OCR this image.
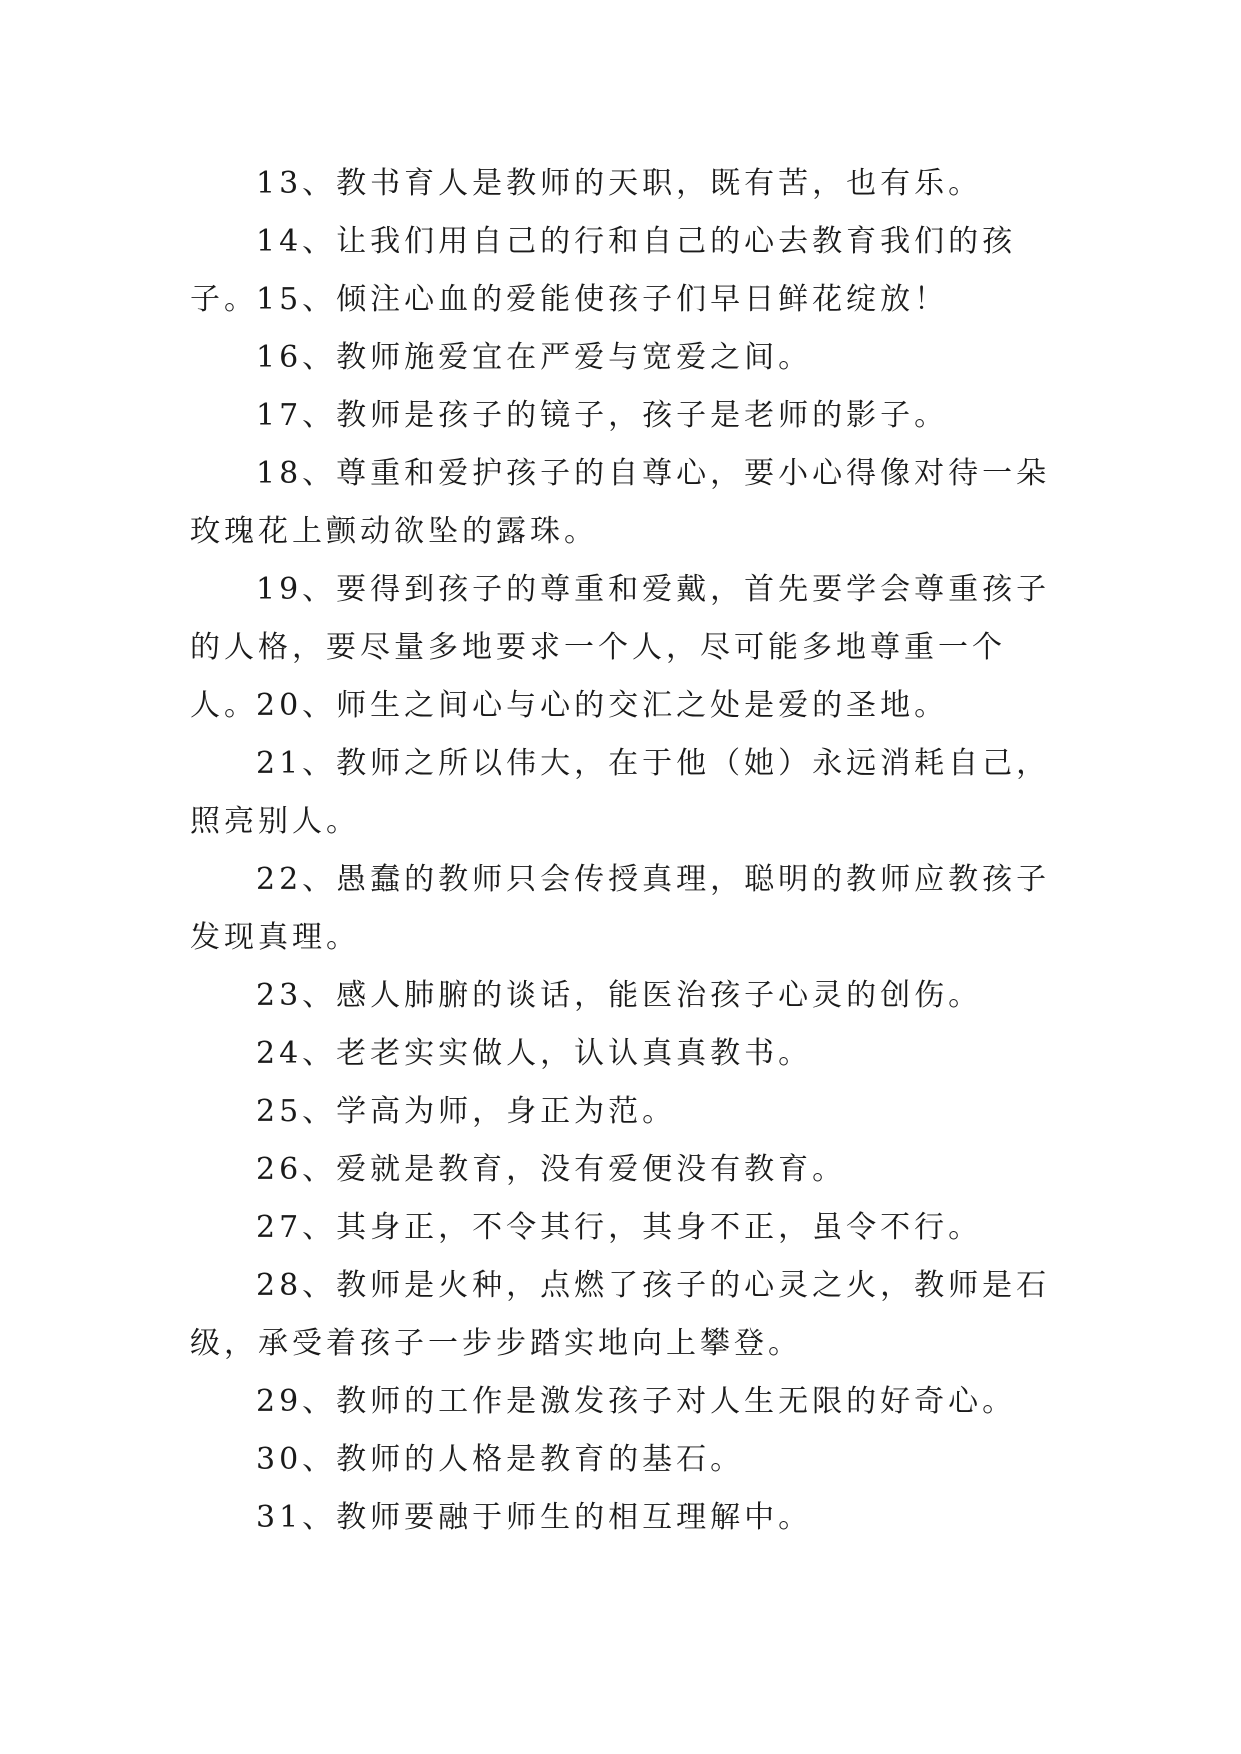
13、教书育人是教师的天职，既有苦，也有乐。

14、让我们用自己的行和自己的心去教育我们的孩子。

15、倾注心血的爱能使孩子们早日鲜花绽放！

16、教师施爱宜在严爱与宽爱之间。

17、教师是孩子的镜子，孩子是老师的影子。

18、尊重和爱护孩子的自尊心，要小心得像对待一朵玫瑰花上颤动欲坠的露珠。

19、要得到孩子的尊重和爱戴，首先要学会尊重孩子的人格，要尽量多地要求一个人，尽可能多地尊重一个人。

20、师生之间心与心的交汇之处是爱的圣地。

21、教师之所以伟大，在于他（她）永远消耗自己，照亮别人。

22、愚蠢的教师只会传授真理，聪明的教师应教孩子发现真理。

23、感人肺腑的谈话，能医治孩子心灵的创伤。

24、老老实实做人，认认真真教书。

25、学高为师，身正为范。

26、爱就是教育，没有爱便没有教育。

27、其身正，不令其行，其身不正，虽令不行。

28、教师是火种，点燃了孩子的心灵之火，教师是石级，承受着孩子一步步踏实地向上攀登。

29、教师的工作是激发孩子对人生无限的好奇心。

30、教师的人格是教育的基石。

31、教师要融于师生的相互理解中。
